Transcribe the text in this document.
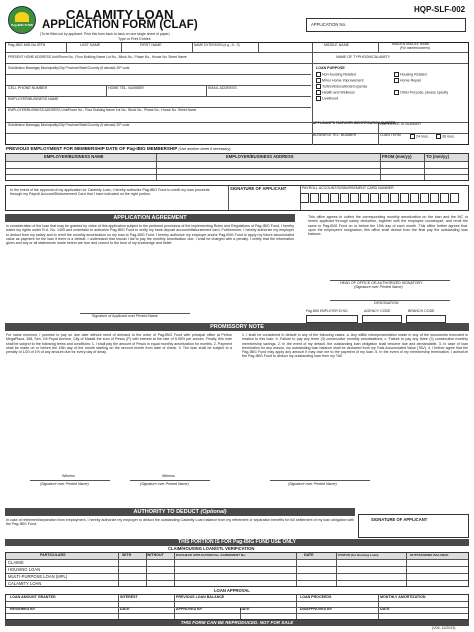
Pag-IBIG FUND
HQP-SLF-002
CALAMITY LOAN
APPLICATION FORM (CLAF)
(To be filled out by applicant. Print this form back to back on one single sheet of paper)
Type or Print Entries
APPLICATION No.
Pag-IBIG MID No./RTN	LAST NAME	FIRST NAME	NAME EXTENSION (e.g., Jr., II)	MIDDLE NAME	MAIDEN MIDDLE NAME
(For married women)
PRESENT HOME ADDRESS Unit/Room No., Floor Building Name Lot No., Block No., Phase No., House No. Street Name	NAME OF TYPHOON/CALAMITY
Subdivision Barangay Municipality/City Province/State/Country (if abroad) ZIP code	LOAN PURPOSE
Non-housing Related
Minor Home Improvement
Tuition/Educational Expense
Health and Wellness
Livelihood
Housing Related
Home Repair
Other Purpose, please specify
CELL PHONE NUMBER	HOME TEL. NUMBER	EMAIL ADDRESS
EMPLOYER/BUSINESS NAME
EMPLOYER/BUSINESS ADDRESS Unit/Room No., Floor Building Name Lot No., Block No., Phase No., House No. Street Name
Subdivision Barangay Municipality/City Province/State/Country (if abroad) ZIP code	APPLICANT'S TAXPAYER IDENTIFICATION NUMBER
EMPLOYEE ID NUMBER
BUSINESS TEL. NUMBER	LOAN TERM	24 mos.	36 mos.
PREVIOUS EMPLOYMENT FOR MEMBERSHIP DATE OF Pag-IBIG MEMBERSHIP (Use another sheet if necessary)
EMPLOYER/BUSINESS NAME	EMPLOYER/BUSINESS ADDRESS	FROM (mm/yy)	TO (mm/yy)
In the event of the approval of my application for Calamity Loan, I hereby authorize Pag-IBIG Fund to credit my loan proceeds through my Payroll Account/Disbursement Card that I have indicated on the right portion.
SIGNATURE OF APPLICANT	PAYROLL ACCOUNT/DISBURSEMENT CARD NUMBER
APPLICATION AGREEMENT
In consideration of the loan that may be granted by virtue of this application subject to the pertinent provisions of the implementing Rules and Regulations of Pag-IBIG Fund, I hereby waive my rights under R.A. No. 1405 and undertake to authorize Pag-IBIG Fund to verify my bank deposit account/disbursement card. Furthermore, I hereby authorize my employer to deduct from my salary and to remit the monthly amortization on my loan to Pag-IBIG Fund. I hereby authorize my employer and/or Pag-IBIG Fund to apply my future accumulated value as payment for the loan if there is a default. I understand that should I fail to pay the monthly amortization due, I shall be charged with a penalty. I certify that the information given and any or all statements made herein are true and correct to the best of my knowledge and belief.
This office agrees to collect the corresponding monthly amortization on the loan and the MC or herein applicant through salary deduction, together with the employee counterpart, and remit the same to Pag-IBIG Fund on or before the 15th day of each month. This office further agrees that, upon the employee's resignation, this office shall deduct from the final pay the outstanding loan balance.
Signature of Applicant over Printed Name
HEAD OF OFFICE OR AUTHORIZED SIGNATORY
(Signature over Printed Name)
DESIGNATION
Pag-IBIG EMPLOYER ID NO.	AGENCY CODE	BRANCH CODE
PROMISSORY NOTE
For value received, I promise to pay on due date without need of demand to the order of Pag-IBIG Fund with principal office at Petron MegaPlaza, 358, Sen. Gil Puyat Avenue, City of Makati the sum of Pesos (P) with interest at the rate of 5.95% per annum. Finally, this note shall be subject to the following terms and conditions: 1. I shall pay the amount of Pesos in equal monthly amortization for months. 2. Payment shall be made on or before the 15th day of the month starting on the second month from date of check. 3. The loan shall be subject to a penalty of 1/20 of 1% of any amount due for every day of delay.
1. I shall be considered in default in any of the following cases: a. Any willful misrepresentation made in any of the documents executed in relation to this loan; b. Failure to pay any three (3) consecutive monthly amortizations; c. Failure to pay any three (3) consecutive monthly membership savings. 2. In the event of my default, the outstanding loan obligation shall become due and demandable. 3. In case of loan termination for any reason, my outstanding loan balance shall be deducted from my Total Accumulated Value (TAV). 4. I further agree that the Pag-IBIG Fund may apply any amount it may owe me to the payment of my loan. 5. In the event of my membership termination, I authorize the Pag-IBIG Fund to deduct my outstanding loan from my TAV.
Witness	Witness
(Signature over Printed Name)	(Signature over Printed Name)	(Signature over Printed Name)
AUTHORITY TO DEDUCT (Optional)
In case of retirement/separation from employment, I hereby authorize my employer to deduct the outstanding Calamity Loan balance from my retirement or separation benefits for full settlement of my loan obligation with the Pag-IBIG Fund.
SIGNATURE OF APPLICANT
THIS PORTION IS FOR Pag-IBIG FUND USE ONLY
CLAIM/HOUSING LOAN/STL VERIFICATION
PARTICULARS	WITH	WITHOUT	DV/CHECK APPLICATION No. AGREEMENT No.	DATE	STATUS (for Housing Loan)	OUTSTANDING BALANCE
CLAIMS
HOUSING LOAN
MULTI-PURPOSE LOAN (MPL)
CALAMITY LOAN
LOAN APPROVAL
LOAN AMOUNT GRANTED	INTEREST	PREVIOUS LOAN BALANCE	LOAN PROCEEDS	MONTHLY AMORTIZATION
REVIEWED BY	DATE	APPROVED BY	DATE	DISAPPROVED BY	DATE
THIS FORM CAN BE REPRODUCED. NOT FOR SALE
(V04, 11/2013)
